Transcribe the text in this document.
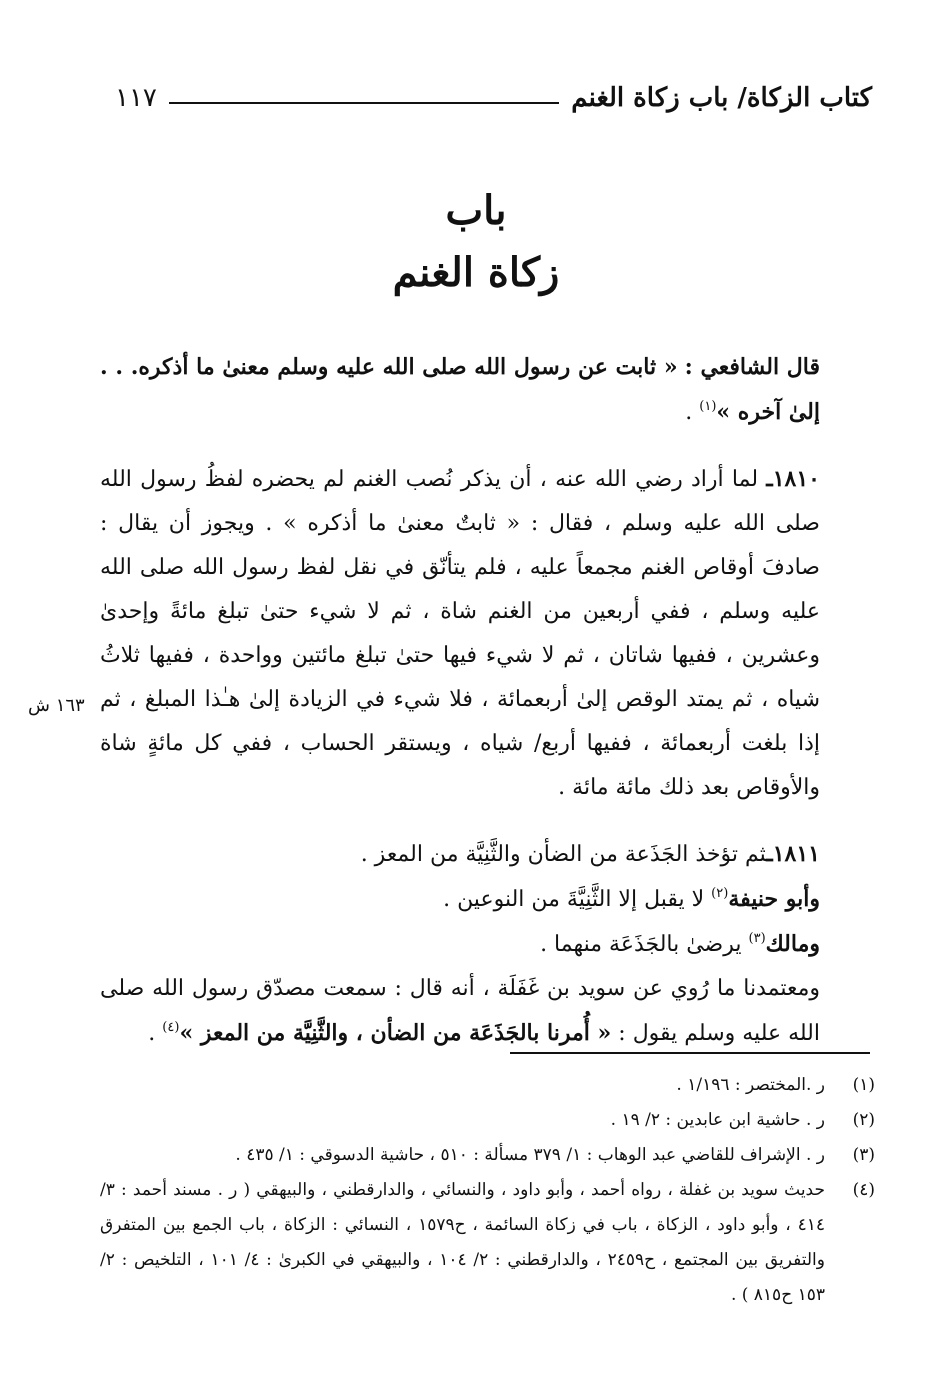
كتاب الزكاة/ باب زكاة الغنم
١١٧
باب
زكاة الغنم
١٦٣ ش

قال الشافعي : « ثابت عن رسول الله صلى الله عليه وسلم معنىٰ ما أذكره. . . إلىٰ آخره »$^{(١)}$ .

١٨١٠ـ لما أراد رضي الله عنه ، أن يذكر نُصب الغنم لم يحضره لفظُ رسول الله صلى الله عليه وسلم ، فقال : « ثابتٌ معنىٰ ما أذكره » . ويجوز أن يقال : صادفَ أوقاص الغنم مجمعاً عليه ، فلم يتأنّق في نقل لفظ رسول الله صلى الله عليه وسلم ، ففي أربعين من الغنم شاة ، ثم لا شيء حتىٰ تبلغ مائةً وإحدىٰ وعشرين ، ففيها شاتان ، ثم لا شيء فيها حتىٰ تبلغ مائتين وواحدة ، ففيها ثلاثُ شياه ، ثم يمتد الوقص إلىٰ أربعمائة ، فلا شيء في الزيادة إلىٰ هـٰذا المبلغ ، ثم إذا بلغت أربعمائة ، ففيها أربع/ شياه ، ويستقر الحساب ، ففي كل مائةٍ شاة والأوقاص بعد ذلك مائة مائة .

١٨١١ـثم تؤخذ الجَذَعة من الضأن والثَّنِيَّة من المعز .

وأبو حنيفة$^{(٢)}$ لا يقبل إلا الثَّنِيَّةَ من النوعين .

ومالك$^{(٣)}$ يرضىٰ بالجَذَعَة منهما .

ومعتمدنا ما رُوي عن سويد بن غَفَلَة ، أنه قال : سمعت مصدّق رسول الله صلى الله عليه وسلم يقول : « أُمرنا بالجَذَعَة من الضأن ، والثَّنِيَّة من المعز »$^{(٤)}$ .

(١)
ر .المختصر : ١/١٩٦ .
(٢)
ر . حاشية ابن عابدين : ٢/ ١٩ .
(٣)
ر . الإشراف للقاضي عبد الوهاب : ١/ ٣٧٩ مسألة : ٥١٠ ، حاشية الدسوقي : ١/ ٤٣٥ .
(٤)
حديث سويد بن غفلة ، رواه أحمد ، وأبو داود ، والنسائي ، والدارقطني ، والبيهقي ( ر . مسند أحمد : ٣/ ٤١٤ ، وأبو داود ، الزكاة ، باب في زكاة السائمة ، ح١٥٧٩ ، النسائي : الزكاة ، باب الجمع بين المتفرق والتفريق بين المجتمع ، ح٢٤٥٩ ، والدارقطني : ٢/ ١٠٤ ، والبيهقي في الكبرىٰ : ٤/ ١٠١ ، التلخيص : ٢/ ١٥٣ ح٨١٥ ) .
